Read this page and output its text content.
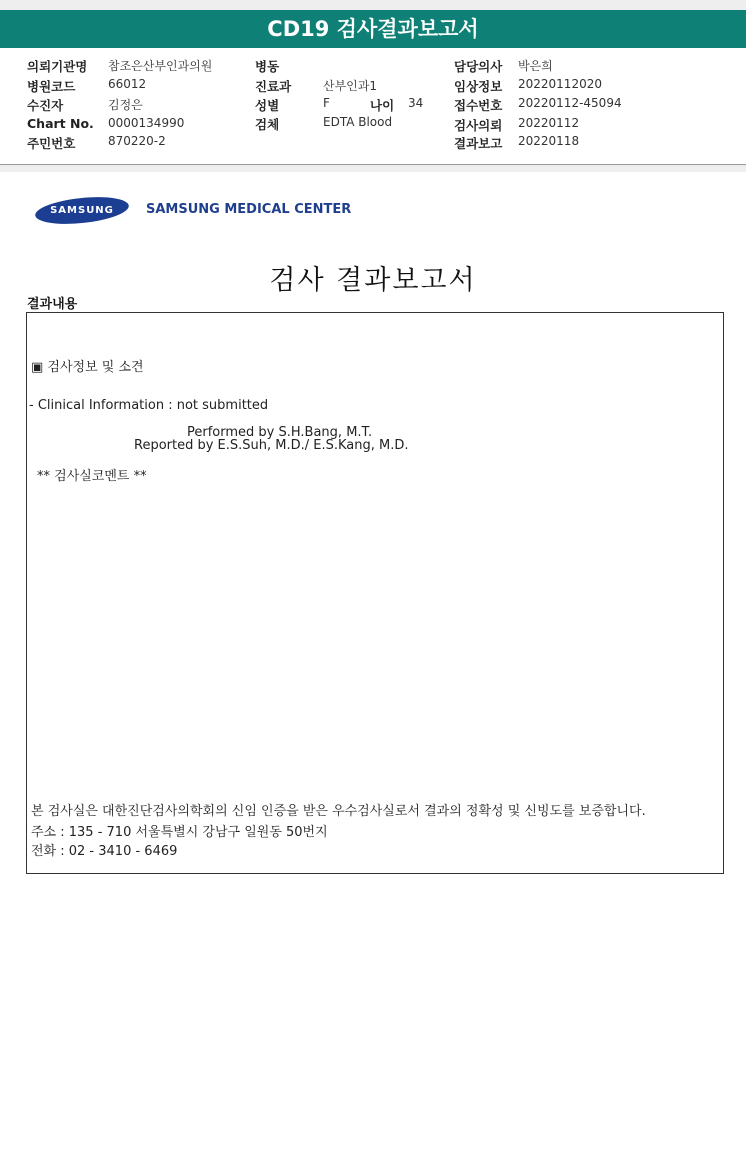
CD19 검사결과보고서
의뢰기관명 참조은산부인과의원
병원코드	66012
수진자	김정은
Chart No. 0000134990
주민번호	870220-2
병동
진료과	산부인과1
성별	F	나이 34
검체	EDTA Blood
담당의사 박은희
임상정보 20220112020
접수번호 20220112-45094
검사의뢰 20220112
결과보고 20220118
SAMSUNG	SAMSUNG MEDICAL CENTER
검사 결과보고서
결과내용
▣ 검사정보 및 소견
- Clinical Information : not submitted
Performed by S.H.Bang, M.T.
Reported by E.S.Suh, M.D./ E.S.Kang, M.D.
** 검사실코멘트 **
본 검사실은 대한진단검사의학회의 신임 인증을 받은 우수검사실로서 결과의 정확성 및 신빙도를 보증합니다.
주소 : 135 - 710 서울특별시 강남구 일원동 50번지
전화 : 02 - 3410 - 6469
